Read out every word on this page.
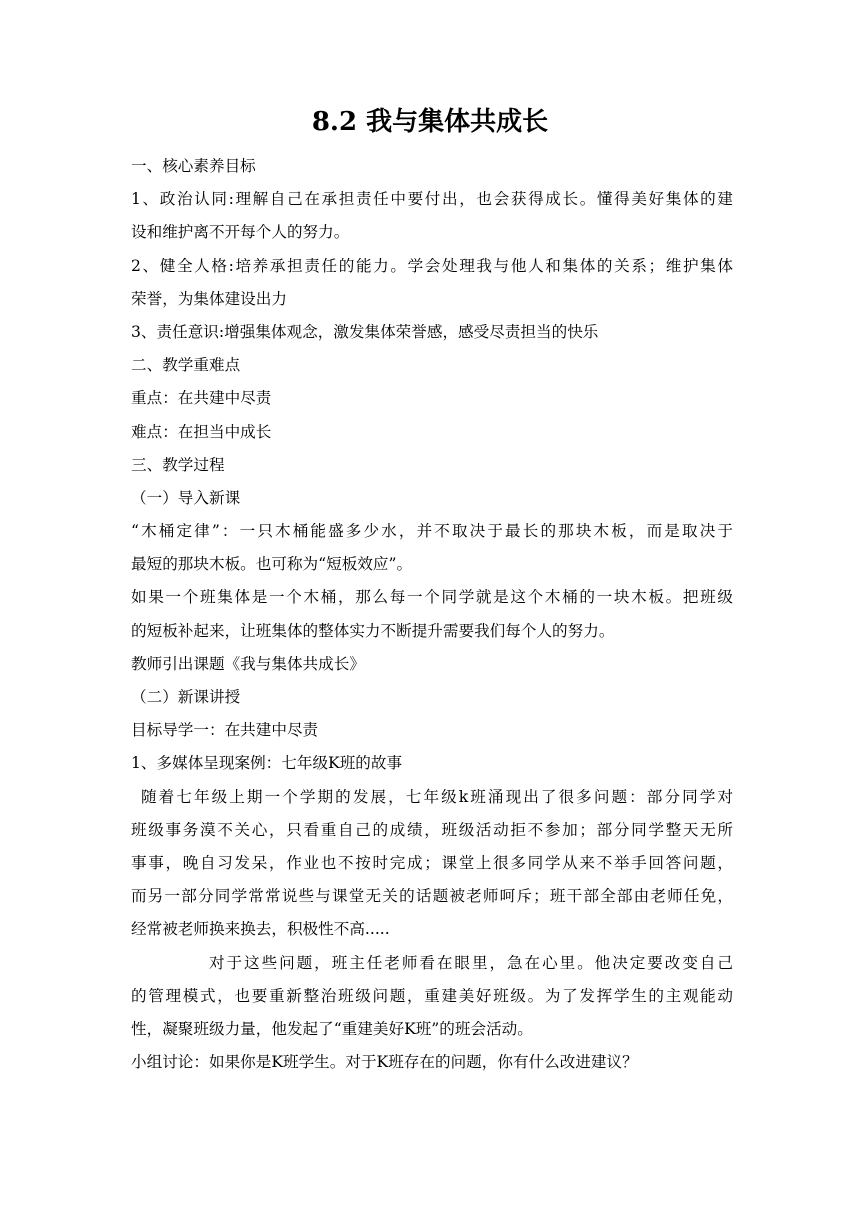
8.2 我与集体共成长
一、核心素养目标
1、政治认同:理解自己在承担责任中要付出，也会获得成长。懂得美好集体的建
设和维护离不开每个人的努力。
2、健全人格:培养承担责任的能力。学会处理我与他人和集体的关系；维护集体
荣誉，为集体建设出力
3、责任意识:增强集体观念，激发集体荣誉感，感受尽责担当的快乐
二、教学重难点
重点：在共建中尽责
难点：在担当中成长
三、教学过程
（一）导入新课
“木桶定律”：一只木桶能盛多少水，并不取决于最长的那块木板，而是取决于
最短的那块木板。也可称为“短板效应”。
如果一个班集体是一个木桶，那么每一个同学就是这个木桶的一块木板。把班级
的短板补起来，让班集体的整体实力不断提升需要我们每个人的努力。
教师引出课题《我与集体共成长》
（二）新课讲授
目标导学一：在共建中尽责
1、多媒体呈现案例：七年级K班的故事
随着七年级上期一个学期的发展，七年级k班涌现出了很多问题：部分同学对
班级事务漠不关心，只看重自己的成绩，班级活动拒不参加；部分同学整天无所
事事，晚自习发呆，作业也不按时完成；课堂上很多同学从来不举手回答问题，
而另一部分同学常常说些与课堂无关的话题被老师呵斥；班干部全部由老师任免，
经常被老师换来换去，积极性不高.....
对于这些问题，班主任老师看在眼里，急在心里。他决定要改变自己
的管理模式，也要重新整治班级问题，重建美好班级。为了发挥学生的主观能动
性，凝聚班级力量，他发起了“重建美好K班”的班会活动。
小组讨论：如果你是K班学生。对于K班存在的问题，你有什么改进建议？
